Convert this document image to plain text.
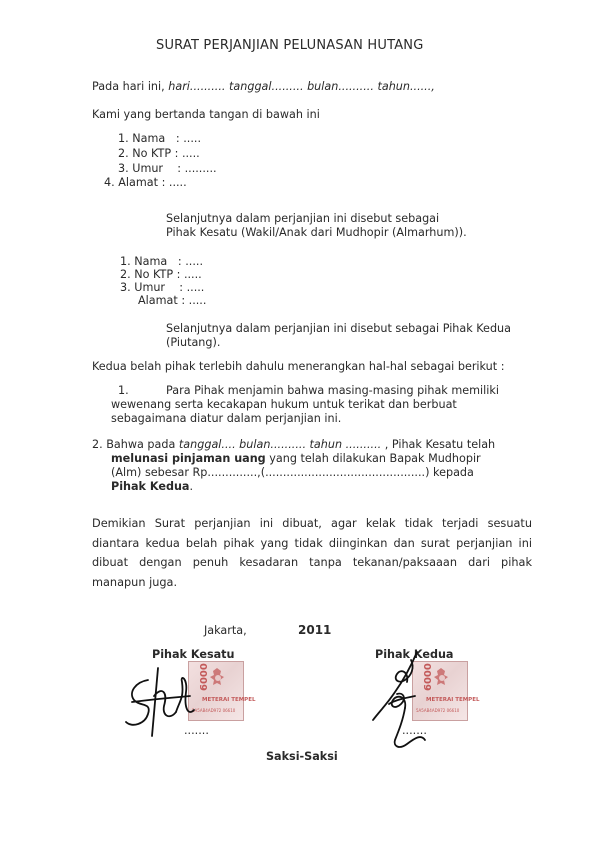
SURAT PERJANJIAN PELUNASAN HUTANG
Pada hari ini, hari.......... tanggal......... bulan.......... tahun......,
Kami yang bertanda tangan di bawah ini
1. Nama   : .....
2. No KTP : .....
3. Umur    : .........
4. Alamat : .....
Selanjutnya dalam perjanjian ini disebut sebagai
Pihak Kesatu (Wakil/Anak dari Mudhopir (Almarhum)).
1. Nama   : .....
2. No KTP : .....
3. Umur    : .....
Alamat : .....
Selanjutnya dalam perjanjian ini disebut sebagai Pihak Kedua
(Piutang).
Kedua belah pihak terlebih dahulu menerangkan hal-hal sebagai berikut :
1.	Para Pihak menjamin bahwa masing-masing pihak memiliki
wewenang serta kecakapan hukum untuk terikat dan berbuat
sebagaimana diatur dalam perjanjian ini.
2. Bahwa pada tanggal.... bulan.......... tahun .......... , Pihak Kesatu telah
melunasi pinjaman uang yang telah dilakukan Bapak Mudhopir
(Alm) sebesar Rp..............,(.............................................) kepada
Pihak Kedua.
Demikian Surat perjanjian ini dibuat, agar kelak tidak terjadi sesuatu diantara kedua belah pihak yang tidak diinginkan dan surat perjanjian ini dibuat dengan penuh kesadaran tanpa tekanan/paksaaan dari pihak manapun juga.
Jakarta,	2011
Pihak Kesatu	Pihak Kedua
6000
METERAI TEMPEL
5A5AB4AD972 06610
6000
METERAI TEMPEL
5A5AB4AD972 06610
.......	.......
Saksi-Saksi
